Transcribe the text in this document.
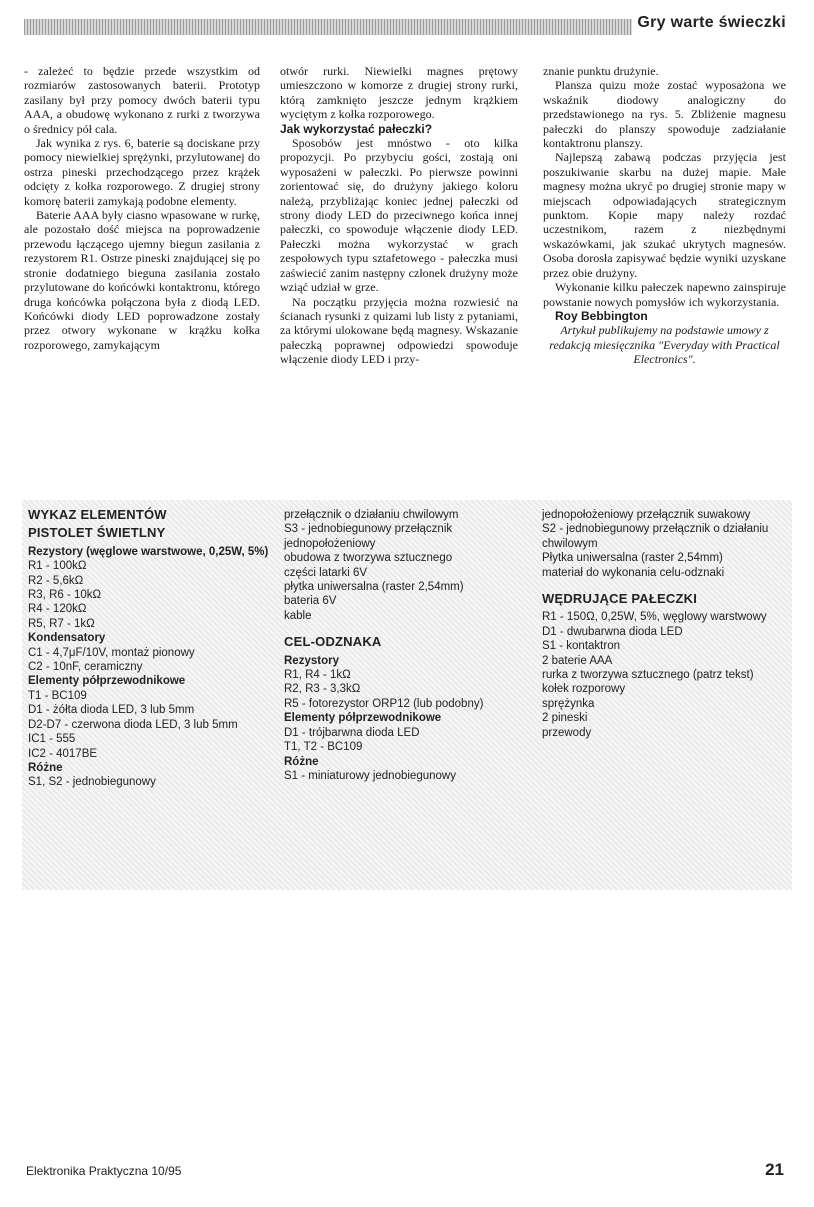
Gry warte świeczki

- zależeć to będzie przede wszystkim od rozmiarów zastosowanych baterii. Prototyp zasilany był przy pomocy dwóch baterii typu AAA, a obudowę wykonano z rurki z tworzywa o średnicy pół cala.

Jak wynika z rys. 6, baterie są dociskane przy pomocy niewielkiej sprężynki, przylutowanej do ostrza pineski przechodzącego przez krążek odcięty z kołka rozporowego. Z drugiej strony komorę baterii zamykają podobne elementy.

Baterie AAA były ciasno wpasowane w rurkę, ale pozostało dość miejsca na poprowadzenie przewodu łączącego ujemny biegun zasilania z rezystorem R1. Ostrze pineski znajdującej się po stronie dodatniego bieguna zasilania zostało przylutowane do końcówki kontaktronu, którego druga końcówka połączona była z diodą LED. Końcówki diody LED poprowadzone zostały przez otwory wykonane w krążku kołka rozporowego, zamykającym

otwór rurki. Niewielki magnes prętowy umieszczono w komorze z drugiej strony rurki, którą zamknięto jeszcze jednym krążkiem wyciętym z kołka rozporowego.

Jak wykorzystać pałeczki?

Sposobów jest mnóstwo - oto kilka propozycji. Po przybyciu gości, zostają oni wyposażeni w pałeczki. Po pierwsze powinni zorientować się, do drużyny jakiego koloru należą, przybliżając koniec jednej pałeczki od strony diody LED do przeciwnego końca innej pałeczki, co spowoduje włączenie diody LED. Pałeczki można wykorzystać w grach zespołowych typu sztafetowego - pałeczka musi zaświecić zanim następny członek drużyny może wziąć udział w grze.

Na początku przyjęcia można rozwiesić na ścianach rysunki z quizami lub listy z pytaniami, za którymi ulokowane będą magnesy. Wskazanie pałeczką poprawnej odpowiedzi spowoduje włączenie diody LED i przy-

znanie punktu drużynie.

Plansza quizu może zostać wyposażona we wskaźnik diodowy analogiczny do przedstawionego na rys. 5. Zbliżenie magnesu pałeczki do planszy spowoduje zadziałanie kontaktronu planszy.

Najlepszą zabawą podczas przyjęcia jest poszukiwanie skarbu na dużej mapie. Małe magnesy można ukryć po drugiej stronie mapy w miejscach odpowiadających strategicznym punktom. Kopie mapy należy rozdać uczestnikom, razem z niezbędnymi wskazówkami, jak szukać ukrytych magnesów. Osoba dorosła zapisywać będzie wyniki uzyskane przez obie drużyny.

Wykonanie kilku pałeczek napewno zainspiruje powstanie nowych pomysłów ich wykorzystania.

Roy Bebbington

Artykuł publikujemy na podstawie umowy z redakcją miesięcznika "Everyday with Practical Electronics".

WYKAZ ELEMENTÓW
PISTOLET ŚWIETLNY
Rezystory (węglowe warstwowe, 0,25W, 5%)
R1 - 100kΩ
R2 - 5,6kΩ
R3, R6 - 10kΩ
R4 - 120kΩ
R5, R7 - 1kΩ
Kondensatory
C1 - 4,7μF/10V, montaż pionowy
C2 - 10nF, ceramiczny
Elementy półprzewodnikowe
T1 - BC109
D1 - żółta dioda LED, 3 lub 5mm
D2-D7 - czerwona dioda LED, 3 lub 5mm
IC1 - 555
IC2 - 4017BE
Różne
S1, S2 - jednobiegunowy
przełącznik o działaniu chwilowym
S3 - jednobiegunowy przełącznik jednopołożeniowy
obudowa z tworzywa sztucznego
części latarki 6V
płytka uniwersalna (raster 2,54mm)
bateria 6V
kable
CEL-ODZNAKA
Rezystory
R1, R4 - 1kΩ
R2, R3 - 3,3kΩ
R5 - fotorezystor ORP12 (lub podobny)
Elementy półprzewodnikowe
D1 - trójbarwna dioda LED
T1, T2 - BC109
Różne
S1 - miniaturowy jednobiegunowy
jednopołożeniowy przełącznik suwakowy
S2 - jednobiegunowy przełącznik o działaniu chwilowym
Płytka uniwersalna (raster 2,54mm)
materiał do wykonania celu-odznaki
WĘDRUJĄCE PAŁECZKI
R1 - 150Ω, 0,25W, 5%, węglowy warstwowy
D1 - dwubarwna dioda LED
S1 - kontaktron
2 baterie AAA
rurka z tworzywa sztucznego (patrz tekst)
kołek rozporowy
sprężynka
2 pineski
przewody
Elektronika Praktyczna 10/95	21
